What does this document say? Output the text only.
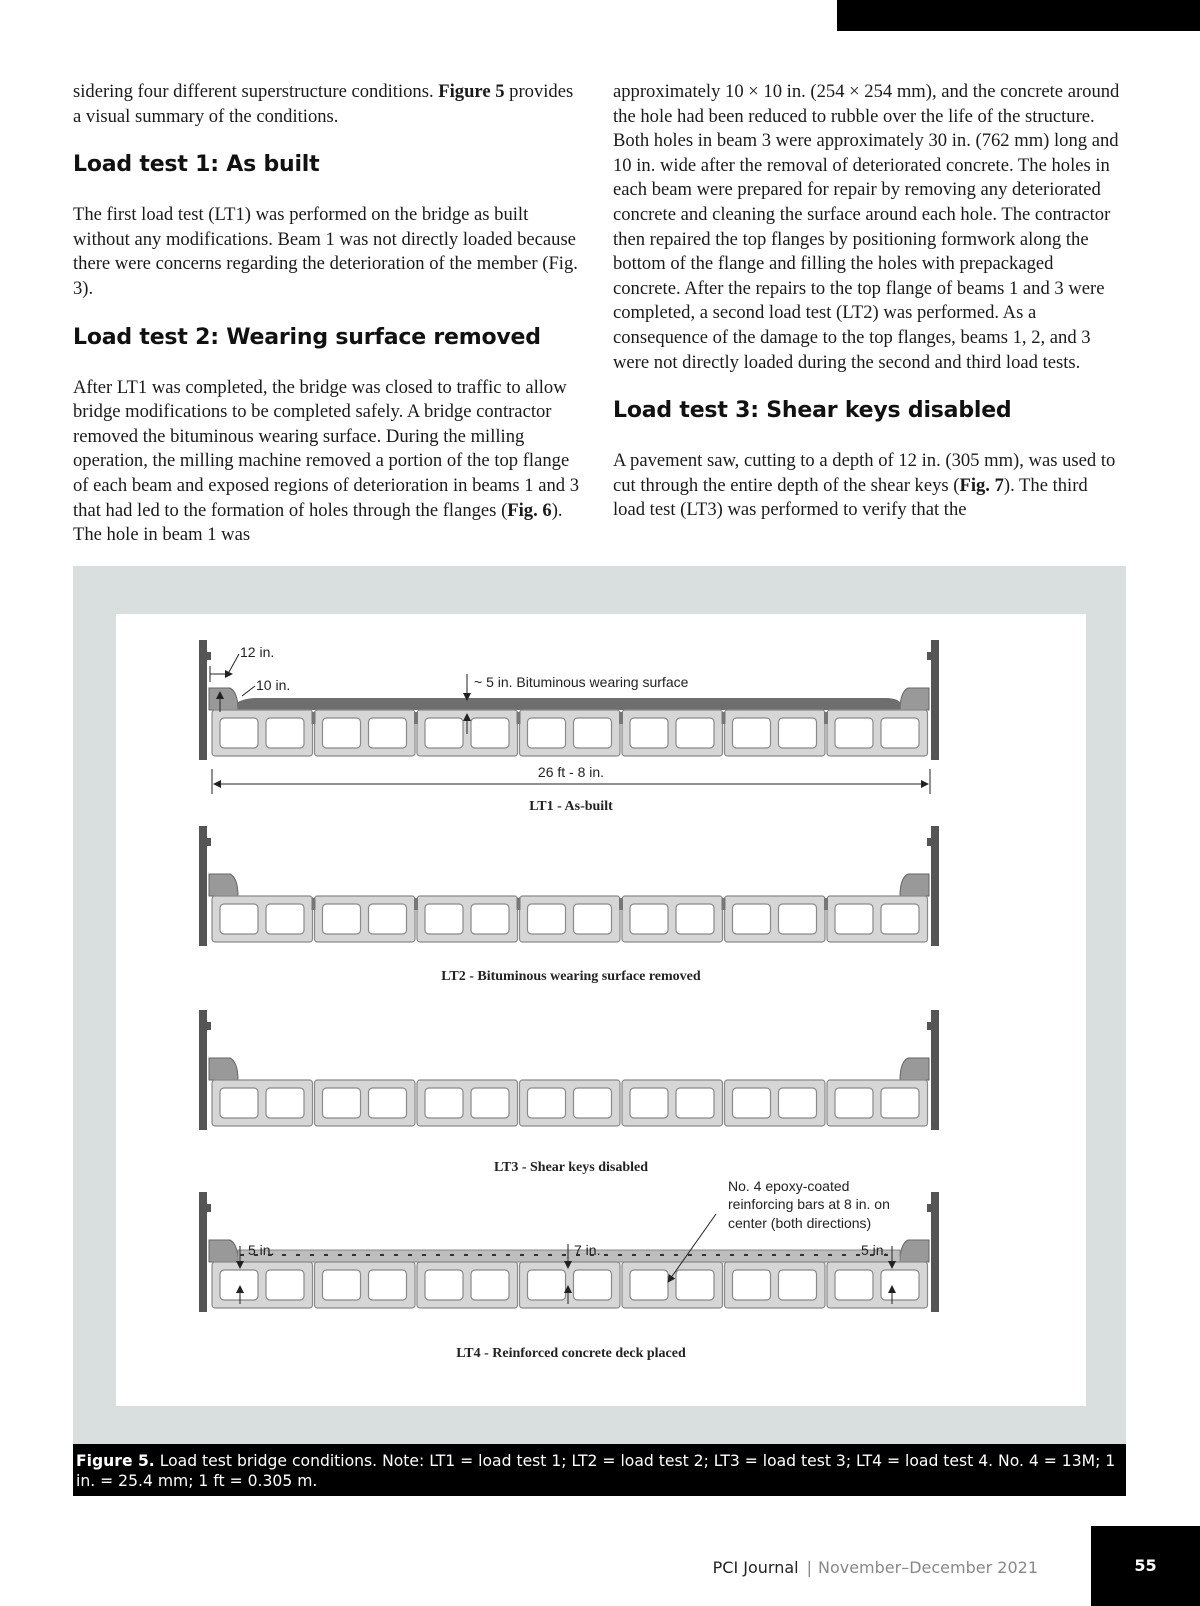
sidering four different superstructure conditions. Figure 5 provides a visual summary of the conditions.

Load test 1: As built

The first load test (LT1) was performed on the bridge as built without any modifications. Beam 1 was not directly loaded because there were concerns regarding the deterioration of the member (Fig. 3).

Load test 2: Wearing surface removed

After LT1 was completed, the bridge was closed to traffic to allow bridge modifications to be completed safely. A bridge contractor removed the bituminous wearing surface. During the milling operation, the milling machine removed a portion of the top flange of each beam and exposed regions of deterioration in beams 1 and 3 that had led to the formation of holes through the flanges (Fig. 6). The hole in beam 1 was

approximately 10 × 10 in. (254 × 254 mm), and the concrete around the hole had been reduced to rubble over the life of the structure. Both holes in beam 3 were approximately 30 in. (762 mm) long and 10 in. wide after the removal of deteriorated concrete. The holes in each beam were prepared for repair by removing any deteriorated concrete and cleaning the surface around each hole. The contractor then repaired the top flanges by positioning formwork along the bottom of the flange and filling the holes with prepackaged concrete. After the repairs to the top flange of beams 1 and 3 were completed, a second load test (LT2) was performed. As a consequence of the damage to the top flanges, beams 1, 2, and 3 were not directly loaded during the second and third load tests.

Load test 3: Shear keys disabled

A pavement saw, cutting to a depth of 12 in. (305 mm), was used to cut through the entire depth of the shear keys (Fig. 7). The third load test (LT3) was performed to verify that the

12 in.
10 in.	~ 5 in. Bituminous wearing surface
26 ft - 8 in.
LT1 - As-built
LT2 - Bituminous wearing surface removed
LT3 - Shear keys disabled
No. 4 epoxy-coated
reinforcing bars at 8 in. on
center (both directions)
5 in.	7 in.	5 in.
LT4 - Reinforced concrete deck placed
Figure 5. Load test bridge conditions. Note: LT1 = load test 1; LT2 = load test 2; LT3 = load test 3; LT4 = load test 4. No. 4 = 13M; 1 in. = 25.4 mm; 1 ft = 0.305 m.
PCI Journal | November–December 2021	55
